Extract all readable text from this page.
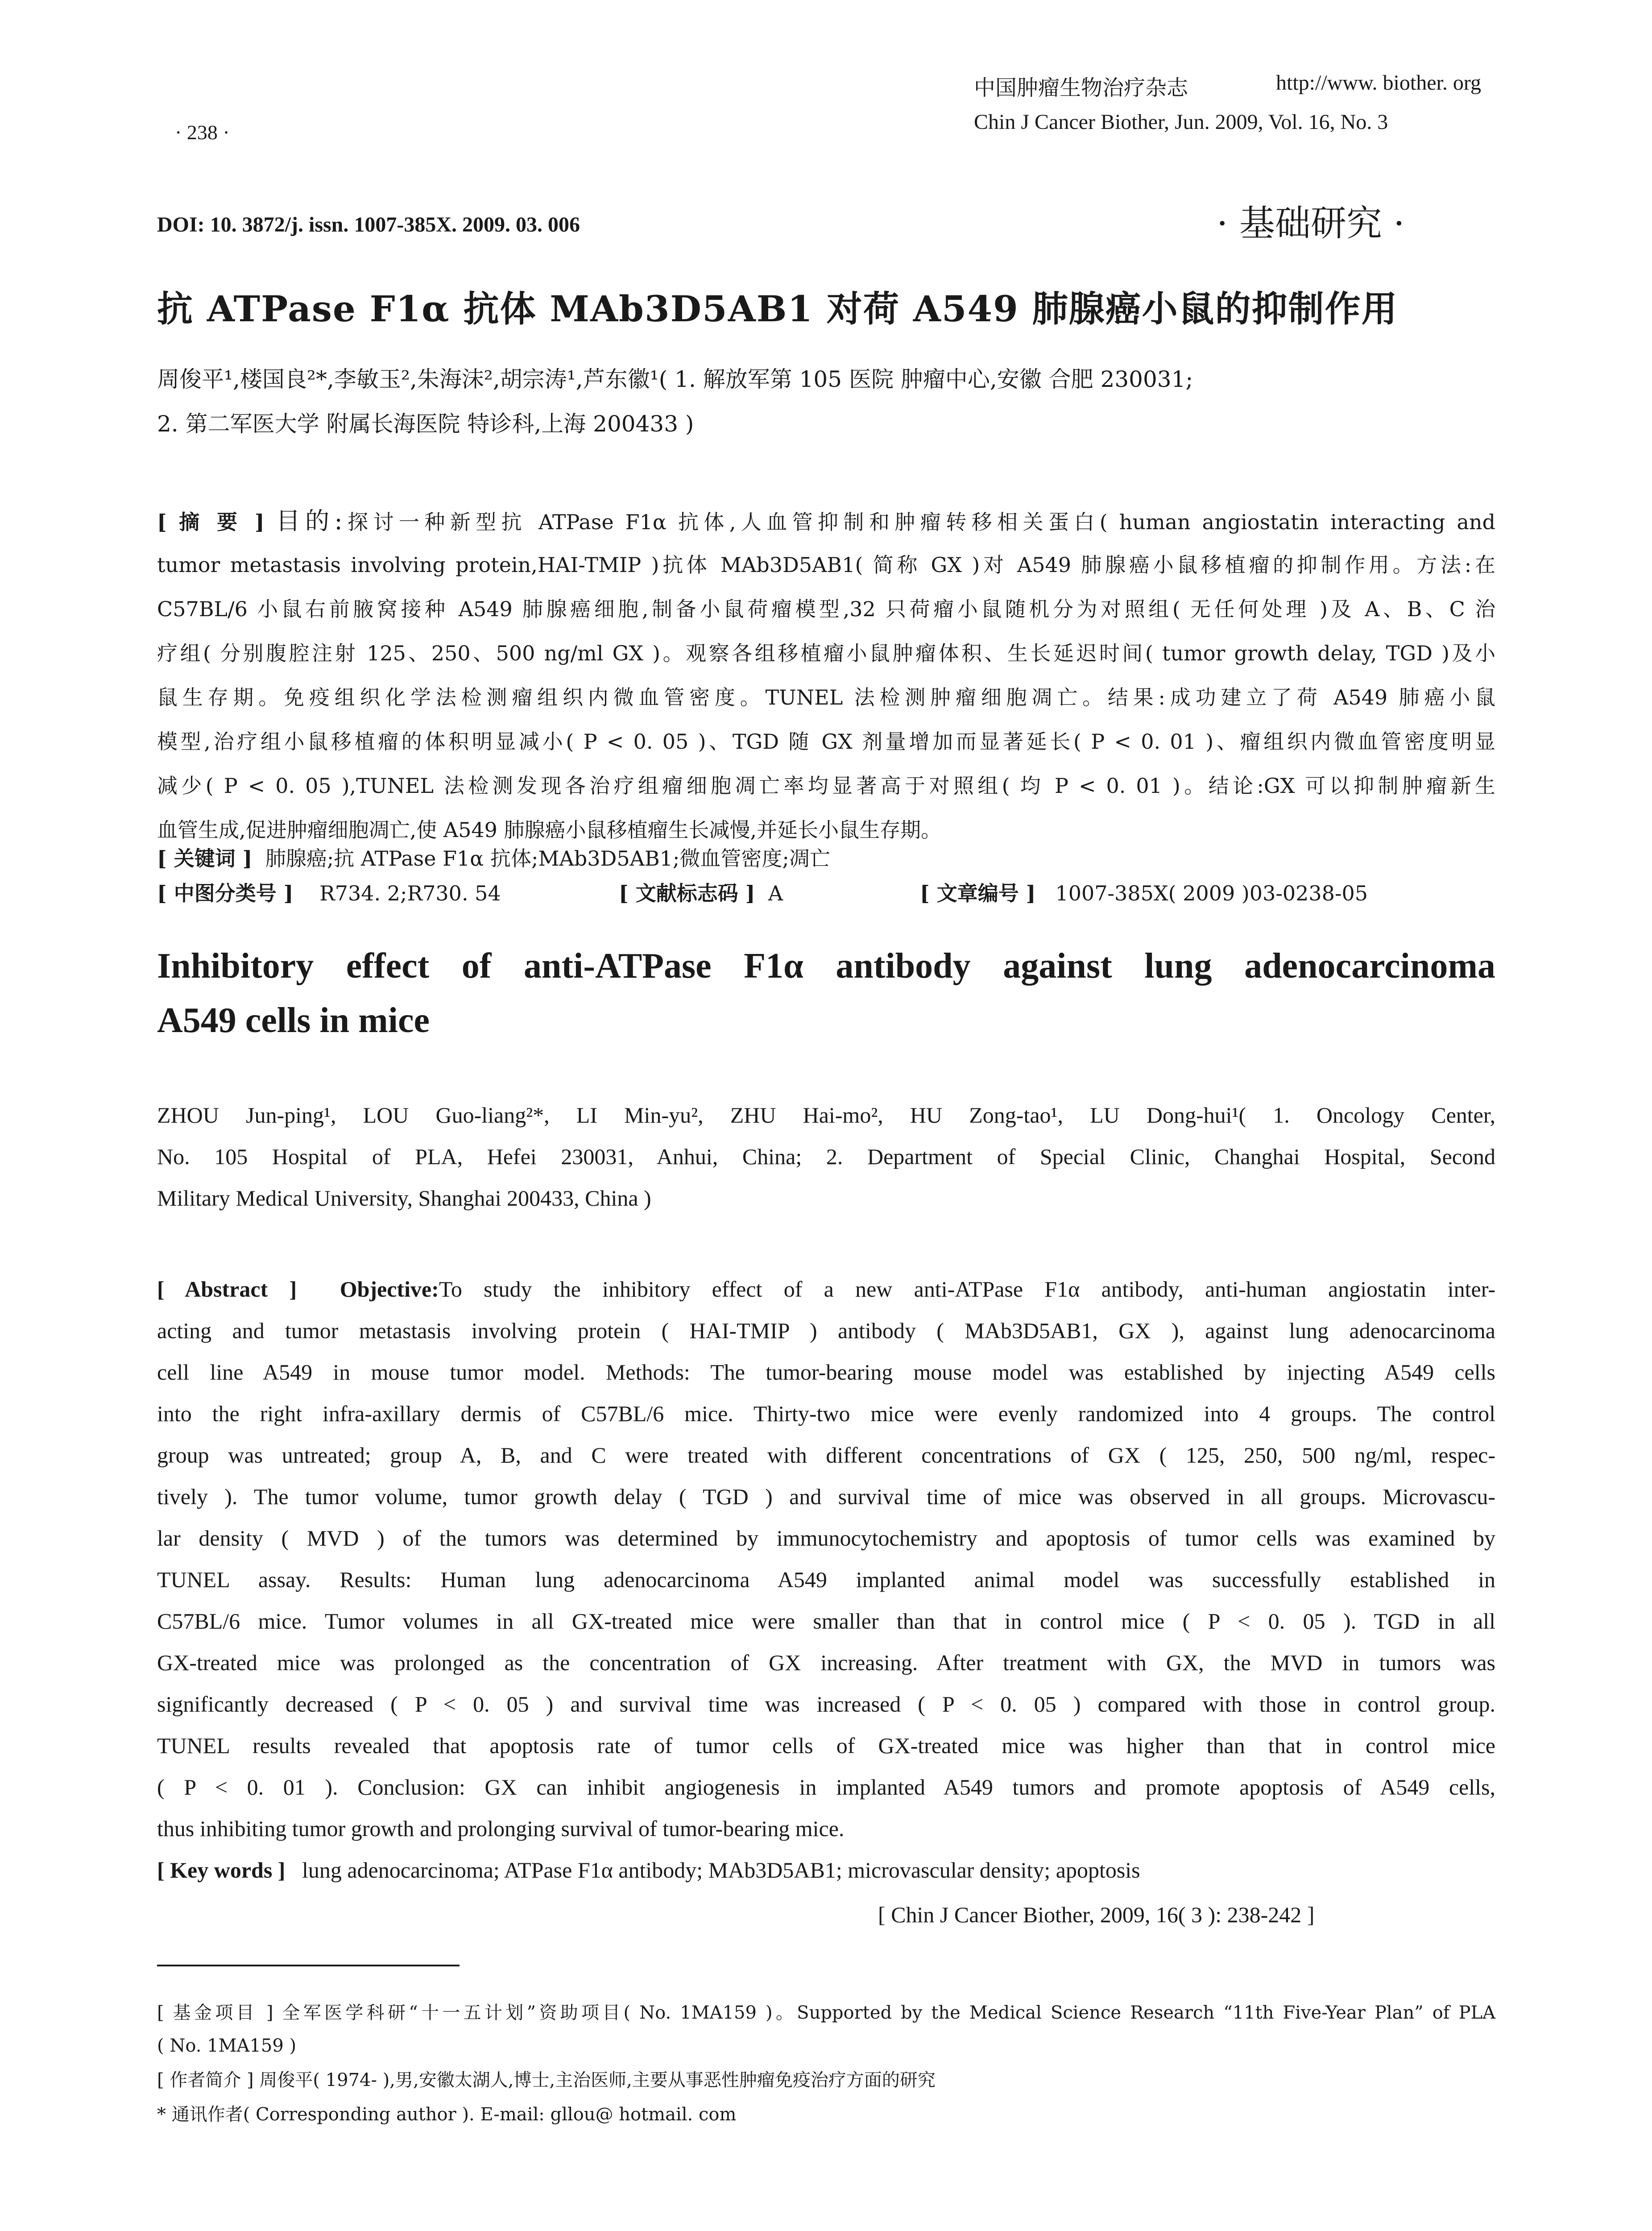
中国肿瘤生物治疗杂志	http://www. biother. org
Chin J Cancer Biother, Jun. 2009, Vol. 16, No. 3
· 238 ·
DOI: 10. 3872/j. issn. 1007-385X. 2009. 03. 006	· 基础研究 ·
抗 ATPase F1α 抗体 MAb3D5AB1 对荷 A549 肺腺癌小鼠的抑制作用
周俊平¹,楼国良²*,李敏玉²,朱海沫²,胡宗涛¹,芦东徽¹( 1. 解放军第 105 医院 肿瘤中心,安徽 合肥 230031;
2. 第二军医大学 附属长海医院 特诊科,上海 200433 )
[ 摘 要 ] 目的:探讨一种新型抗 ATPase F1α 抗体,人血管抑制和肿瘤转移相关蛋白( human angiostatin interacting and
tumor metastasis involving protein,HAI-TMIP )抗体 MAb3D5AB1( 简称 GX )对 A549 肺腺癌小鼠移植瘤的抑制作用。方法:在
C57BL/6 小鼠右前腋窝接种 A549 肺腺癌细胞,制备小鼠荷瘤模型,32 只荷瘤小鼠随机分为对照组( 无任何处理 )及 A、B、C 治
疗组( 分别腹腔注射 125、250、500 ng/ml GX )。观察各组移植瘤小鼠肿瘤体积、生长延迟时间( tumor growth delay, TGD )及小
鼠生存期。免疫组织化学法检测瘤组织内微血管密度。TUNEL 法检测肿瘤细胞凋亡。结果:成功建立了荷 A549 肺癌小鼠
模型,治疗组小鼠移植瘤的体积明显减小( P < 0. 05 )、TGD 随 GX 剂量增加而显著延长( P < 0. 01 )、瘤组织内微血管密度明显
减少( P < 0. 05 ),TUNEL 法检测发现各治疗组瘤细胞凋亡率均显著高于对照组( 均 P < 0. 01 )。结论:GX 可以抑制肿瘤新生
血管生成,促进肿瘤细胞凋亡,使 A549 肺腺癌小鼠移植瘤生长减慢,并延长小鼠生存期。
[ 关键词 ] 肺腺癌;抗 ATPase F1α 抗体;MAb3D5AB1;微血管密度;凋亡
[ 中图分类号 ] R734. 2;R730. 54	[ 文献标志码 ] A	[ 文章编号 ] 1007-385X( 2009 )03-0238-05
Inhibitory effect of anti-ATPase F1α antibody against lung adenocarcinoma
A549 cells in mice
ZHOU Jun-ping¹, LOU Guo-liang²*, LI Min-yu², ZHU Hai-mo², HU Zong-tao¹, LU Dong-hui¹( 1. Oncology Center,
No. 105 Hospital of PLA, Hefei 230031, Anhui, China; 2. Department of Special Clinic, Changhai Hospital, Second
Military Medical University, Shanghai 200433, China )
[ Abstract ] Objective:To study the inhibitory effect of a new anti-ATPase F1α antibody, anti-human angiostatin inter-
acting and tumor metastasis involving protein ( HAI-TMIP ) antibody ( MAb3D5AB1, GX ), against lung adenocarcinoma
cell line A549 in mouse tumor model. Methods: The tumor-bearing mouse model was established by injecting A549 cells
into the right infra-axillary dermis of C57BL/6 mice. Thirty-two mice were evenly randomized into 4 groups. The control
group was untreated; group A, B, and C were treated with different concentrations of GX ( 125, 250, 500 ng/ml, respec-
tively ). The tumor volume, tumor growth delay ( TGD ) and survival time of mice was observed in all groups. Microvascu-
lar density ( MVD ) of the tumors was determined by immunocytochemistry and apoptosis of tumor cells was examined by
TUNEL assay. Results: Human lung adenocarcinoma A549 implanted animal model was successfully established in
C57BL/6 mice. Tumor volumes in all GX-treated mice were smaller than that in control mice ( P < 0. 05 ). TGD in all
GX-treated mice was prolonged as the concentration of GX increasing. After treatment with GX, the MVD in tumors was
significantly decreased ( P < 0. 05 ) and survival time was increased ( P < 0. 05 ) compared with those in control group.
TUNEL results revealed that apoptosis rate of tumor cells of GX-treated mice was higher than that in control mice
( P < 0. 01 ). Conclusion: GX can inhibit angiogenesis in implanted A549 tumors and promote apoptosis of A549 cells,
thus inhibiting tumor growth and prolonging survival of tumor-bearing mice.
[ Key words ] lung adenocarcinoma; ATPase F1α antibody; MAb3D5AB1; microvascular density; apoptosis
[ Chin J Cancer Biother, 2009, 16( 3 ): 238-242 ]
[ 基金项目 ] 全军医学科研“十一五计划”资助项目( No. 1MA159 )。Supported by the Medical Science Research “11th Five-Year Plan” of PLA
( No. 1MA159 )
[ 作者简介 ] 周俊平( 1974- ),男,安徽太湖人,博士,主治医师,主要从事恶性肿瘤免疫治疗方面的研究
* 通讯作者( Corresponding author ). E-mail: gllou@ hotmail. com
